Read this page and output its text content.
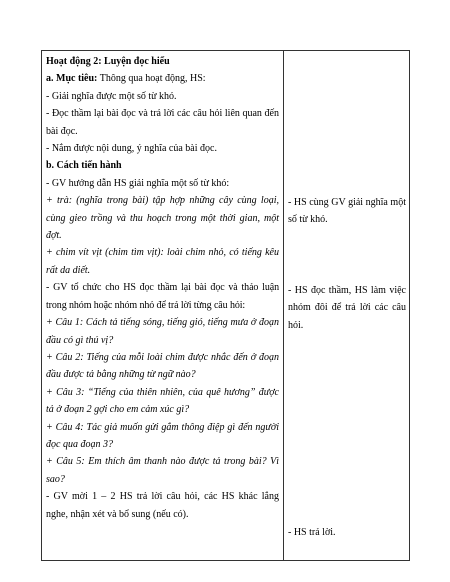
Hoạt động 2: Luyện đọc hiểu

a. Mục tiêu: Thông qua hoạt động, HS:

- Giải nghĩa được một số từ khó.

- Đọc thầm lại bài đọc và trả lời các câu hỏi liên quan đến bài đọc.

- Nắm được nội dung, ý nghĩa của bài đọc.

b. Cách tiến hành

- GV hướng dẫn HS giải nghĩa một số từ khó:

+ trà: (nghĩa trong bài) tập hợp những cây cùng loại, cùng gieo trồng và thu hoạch trong một thời gian, một đợt.

+ chim vít vịt (chim tìm vịt): loài chim nhỏ, có tiếng kêu rất da diết.

- GV tổ chức cho HS đọc thầm lại bài đọc và thảo luận trong nhóm hoặc nhóm nhỏ để trả lời từng câu hỏi:

+ Câu 1: Cách tả tiếng sóng, tiếng gió, tiếng mưa ở đoạn đầu có gì thú vị?

+ Câu 2: Tiếng của mỗi loài chim được nhắc đến ở đoạn đầu được tả bằng những từ ngữ nào?

+ Câu 3: “Tiếng của thiên nhiên, của quê hương” được tả ở đoạn 2 gợi cho em cảm xúc gì?

+ Câu 4: Tác giả muốn gửi gắm thông điệp gì đến người đọc qua đoạn 3?

+ Câu 5: Em thích âm thanh nào được tả trong bài? Vì sao?

- GV mời 1 – 2 HS trả lời câu hỏi, các HS khác lắng nghe, nhận xét và bổ sung (nếu có).

- HS cùng GV giải nghĩa một số từ khó.

- HS đọc thầm, HS làm việc nhóm đôi để trả lời các câu hỏi.

- HS trả lời.
